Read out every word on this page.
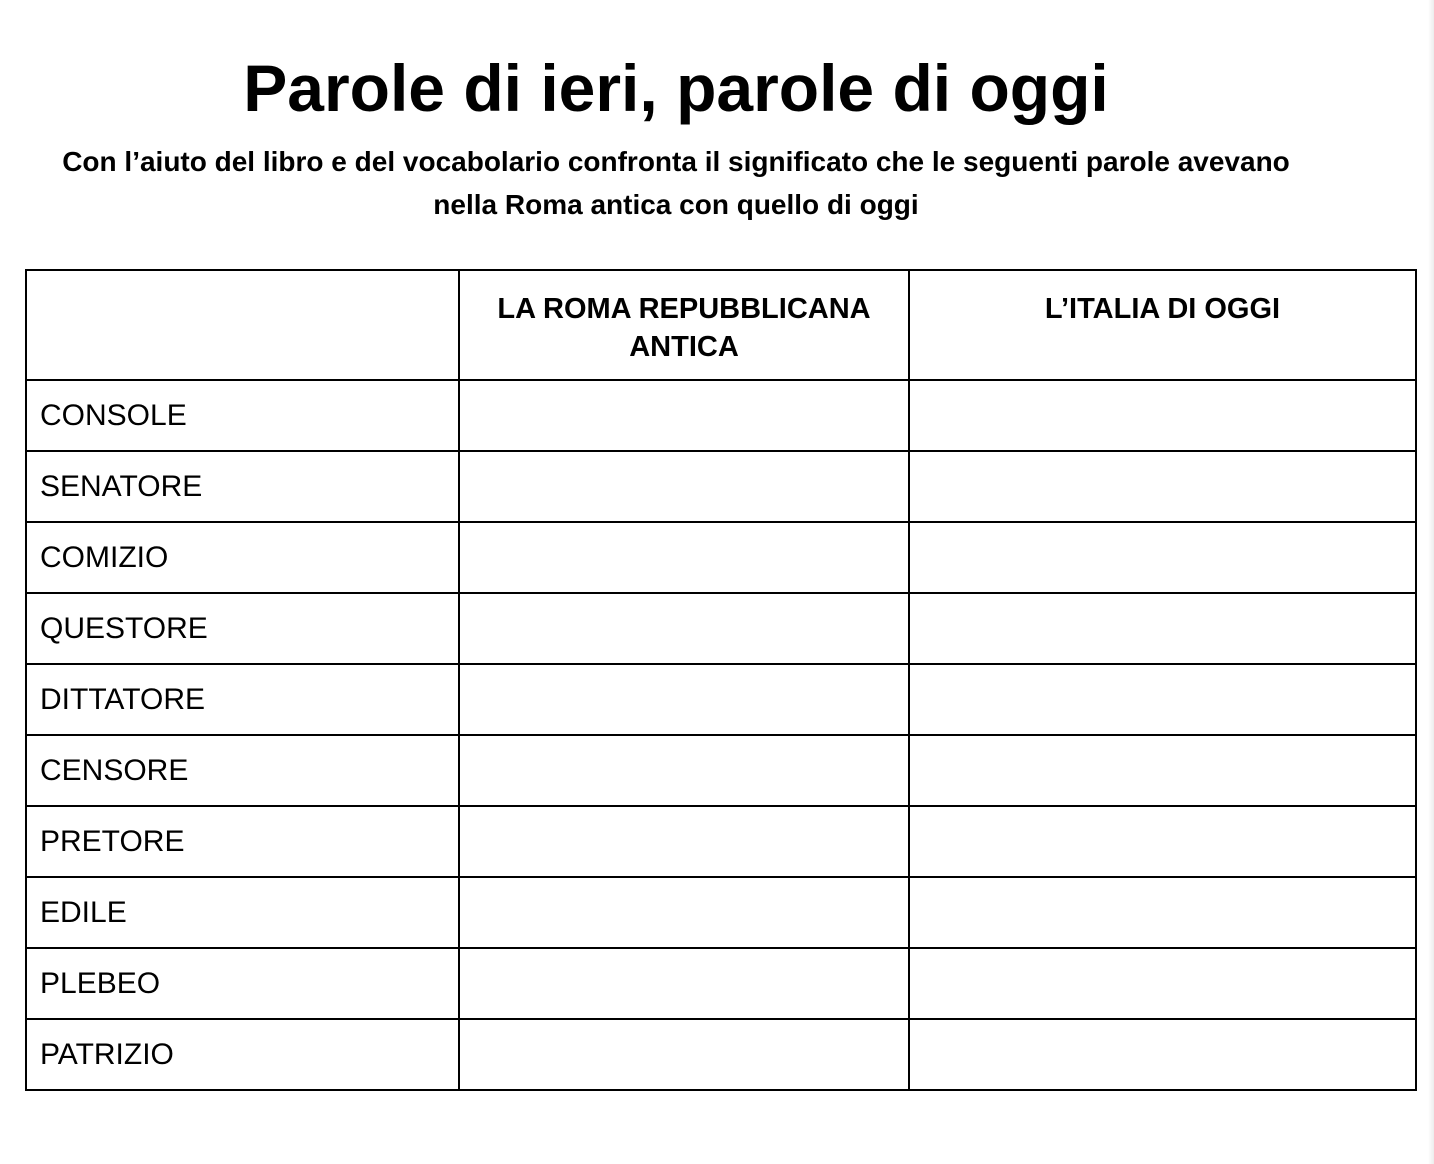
Parole di ieri, parole di oggi

Con l’aiuto del libro e del vocabolario confronta il significato che le seguenti parole avevano nella Roma antica con quello di oggi

	LA ROMA REPUBBLICANA ANTICA	L’ITALIA DI OGGI
CONSOLE		
SENATORE		
COMIZIO		
QUESTORE		
DITTATORE		
CENSORE		
PRETORE		
EDILE		
PLEBEO		
PATRIZIO		
